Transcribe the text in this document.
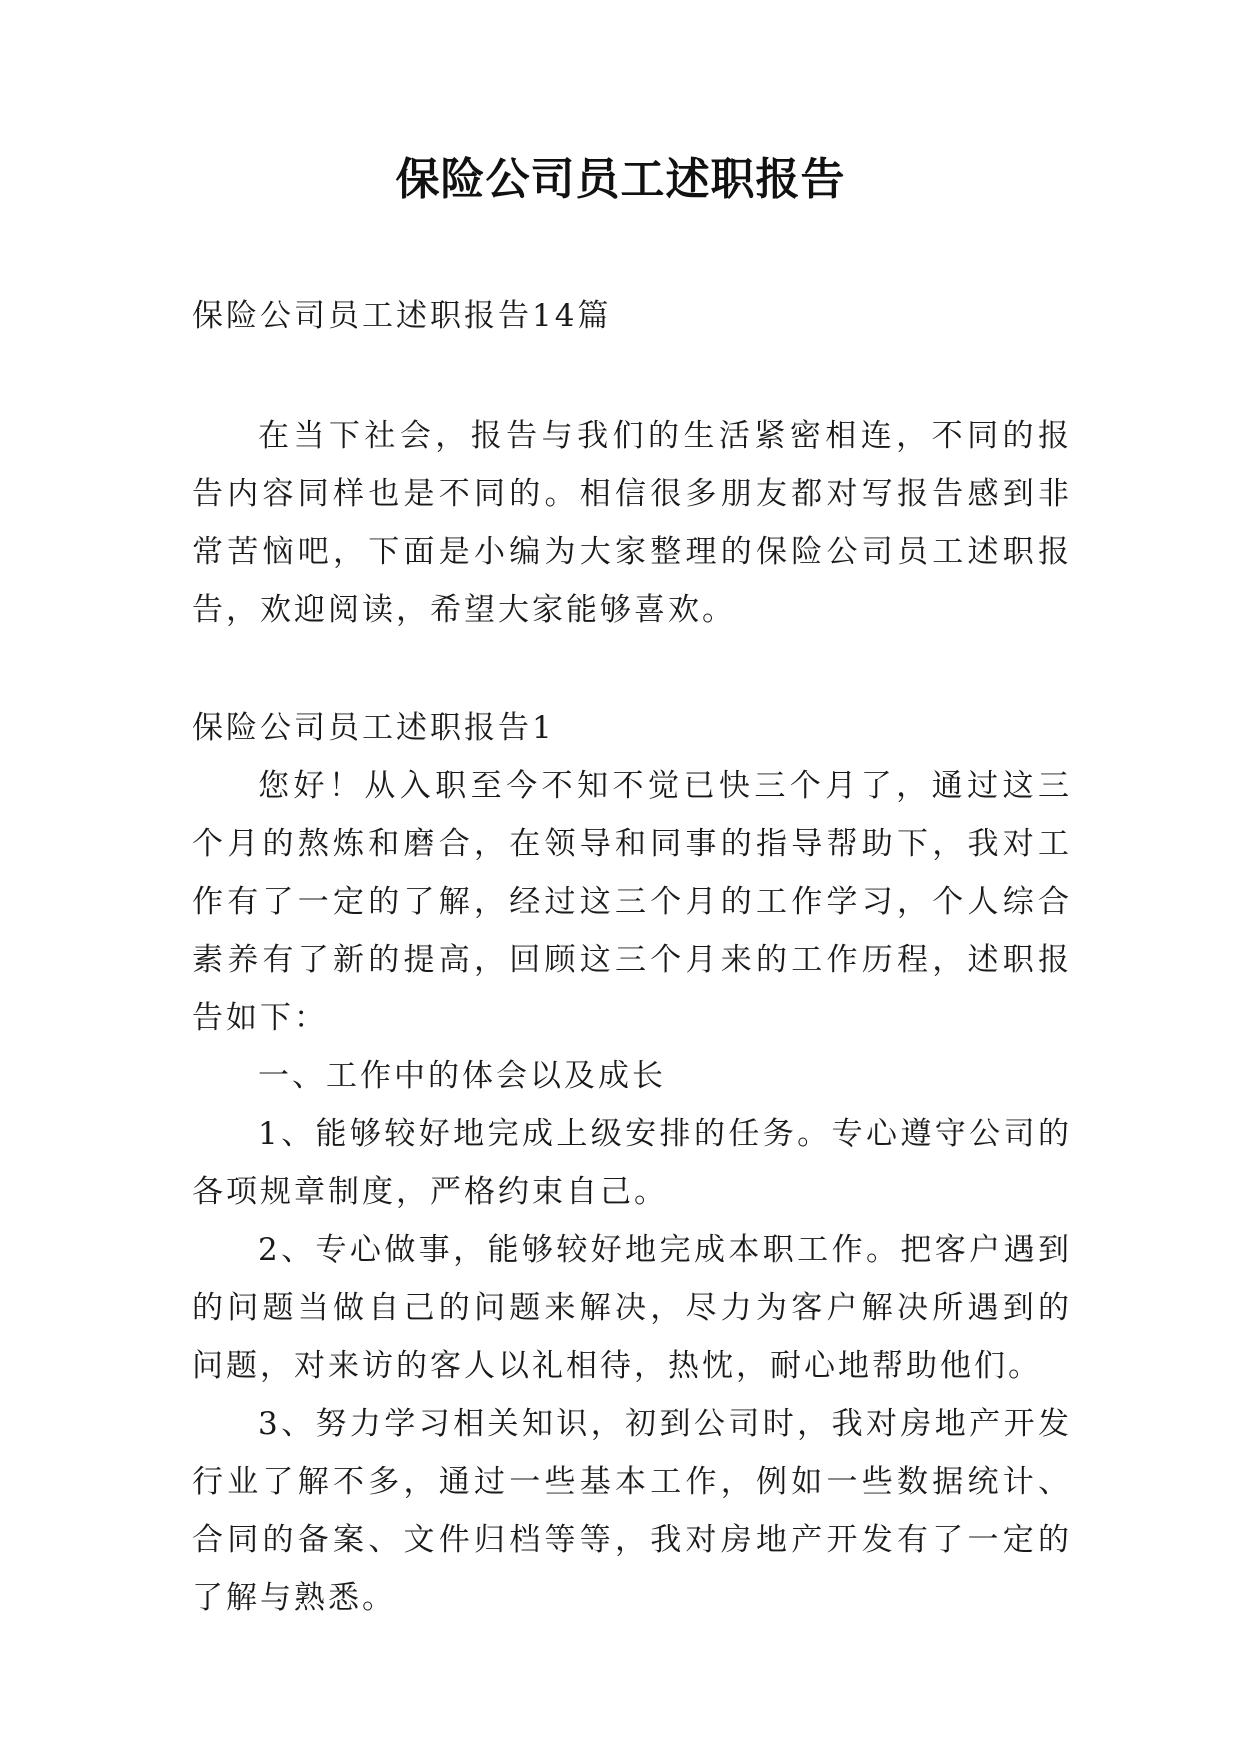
保险公司员工述职报告

保险公司员工述职报告14篇

在当下社会，报告与我们的生活紧密相连，不同的报告内容同样也是不同的。相信很多朋友都对写报告感到非常苦恼吧，下面是小编为大家整理的保险公司员工述职报告，欢迎阅读，希望大家能够喜欢。

保险公司员工述职报告1

您好！从入职至今不知不觉已快三个月了，通过这三个月的熬炼和磨合，在领导和同事的指导帮助下，我对工作有了一定的了解，经过这三个月的工作学习，个人综合素养有了新的提高，回顾这三个月来的工作历程，述职报告如下：

一、工作中的体会以及成长

1、能够较好地完成上级安排的任务。专心遵守公司的各项规章制度，严格约束自己。

2、专心做事，能够较好地完成本职工作。把客户遇到的问题当做自己的问题来解决，尽力为客户解决所遇到的问题，对来访的客人以礼相待，热忱，耐心地帮助他们。

3、努力学习相关知识，初到公司时，我对房地产开发行业了解不多，通过一些基本工作，例如一些数据统计、合同的备案、文件归档等等，我对房地产开发有了一定的了解与熟悉。
